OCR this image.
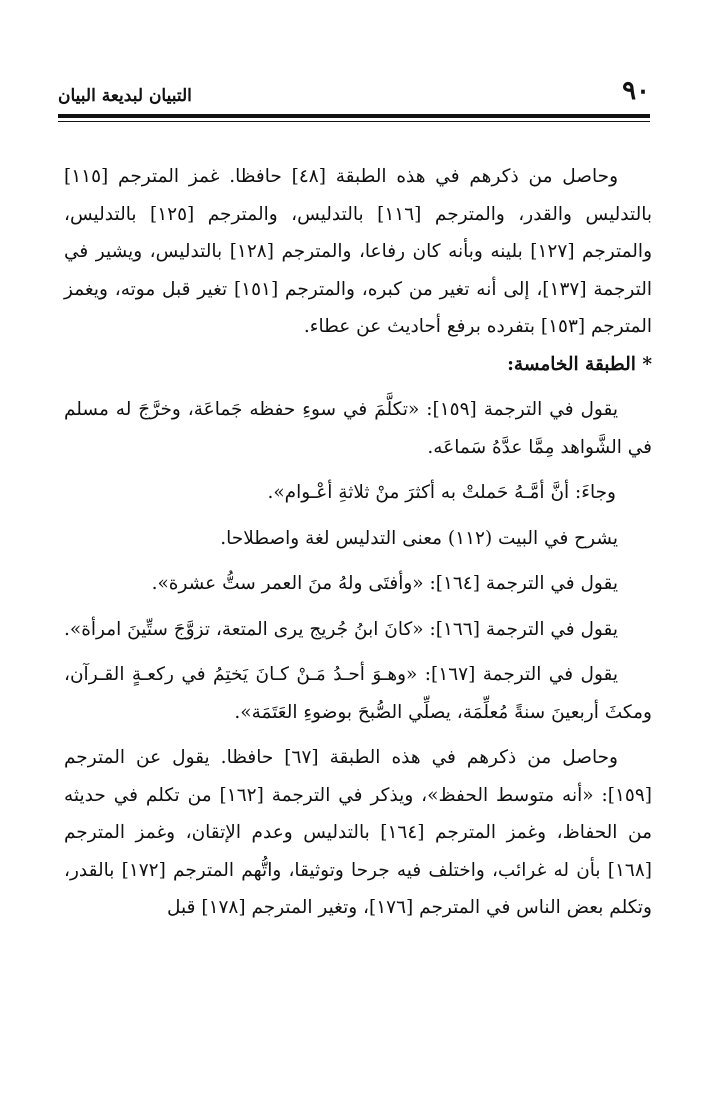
٩٠
التبيان لبديعة البيان

وحاصل من ذكرهم في هذه الطبقة [٤٨] حافظا. غمز المترجم [١١٥] بالتدليس والقدر، والمترجم [١١٦] بالتدليس، والمترجم [١٢٥] بالتدليس، والمترجم [١٢٧] بلينه وبأنه كان رفاعا، والمترجم [١٢٨] بالتدليس، ويشير في الترجمة [١٣٧]، إلى أنه تغير من كبره، والمترجم [١٥١] تغير قبل موته، ويغمز المترجم [١٥٣] بتفرده برفع أحاديث عن عطاء.

* الطبقة الخامسة:

يقول في الترجمة [١٥٩]: «تكلَّمَ في سوءِ حفظه جَماعَة، وخرَّجَ له مسلم في الشَّواهد مِمَّا عدَّهُ سَماعَه.

وجاءَ: أنَّ أمَّـهُ حَملتْ به أكثرَ منْ ثلاثةِ أعْـوام».

يشرح في البيت (١١٢) معنى التدليس لغة واصطلاحا.

يقول في الترجمة [١٦٤]: «وأفتَى ولهُ منَ العمر ستُّ عشرة».

يقول في الترجمة [١٦٦]: «كانَ ابنُ جُريج يرى المتعة، تزوَّجَ ستِّينَ امرأة».

يقول في الترجمة [١٦٧]: «وهـوَ أحـدُ مَـنْ كـانَ يَختِمُ في ركعـةٍ القـرآن، ومكثَ أربعينَ سنةً مُعلِّمَة، يصلِّي الصُّبحَ بوضوءِ العَتَمَة».

وحاصل من ذكرهم في هذه الطبقة [٦٧] حافظا. يقول عن المترجم [١٥٩]: «أنه متوسط الحفظ»، ويذكر في الترجمة [١٦٢] من تكلم في حديثه من الحفاظ، وغمز المترجم [١٦٤] بالتدليس وعدم الإتقان، وغمز المترجم [١٦٨] بأن له غرائب، واختلف فيه جرحا وتوثيقا، واتُّهم المترجم [١٧٢] بالقدر، وتكلم بعض الناس في المترجم [١٧٦]، وتغير المترجم [١٧٨] قبل
